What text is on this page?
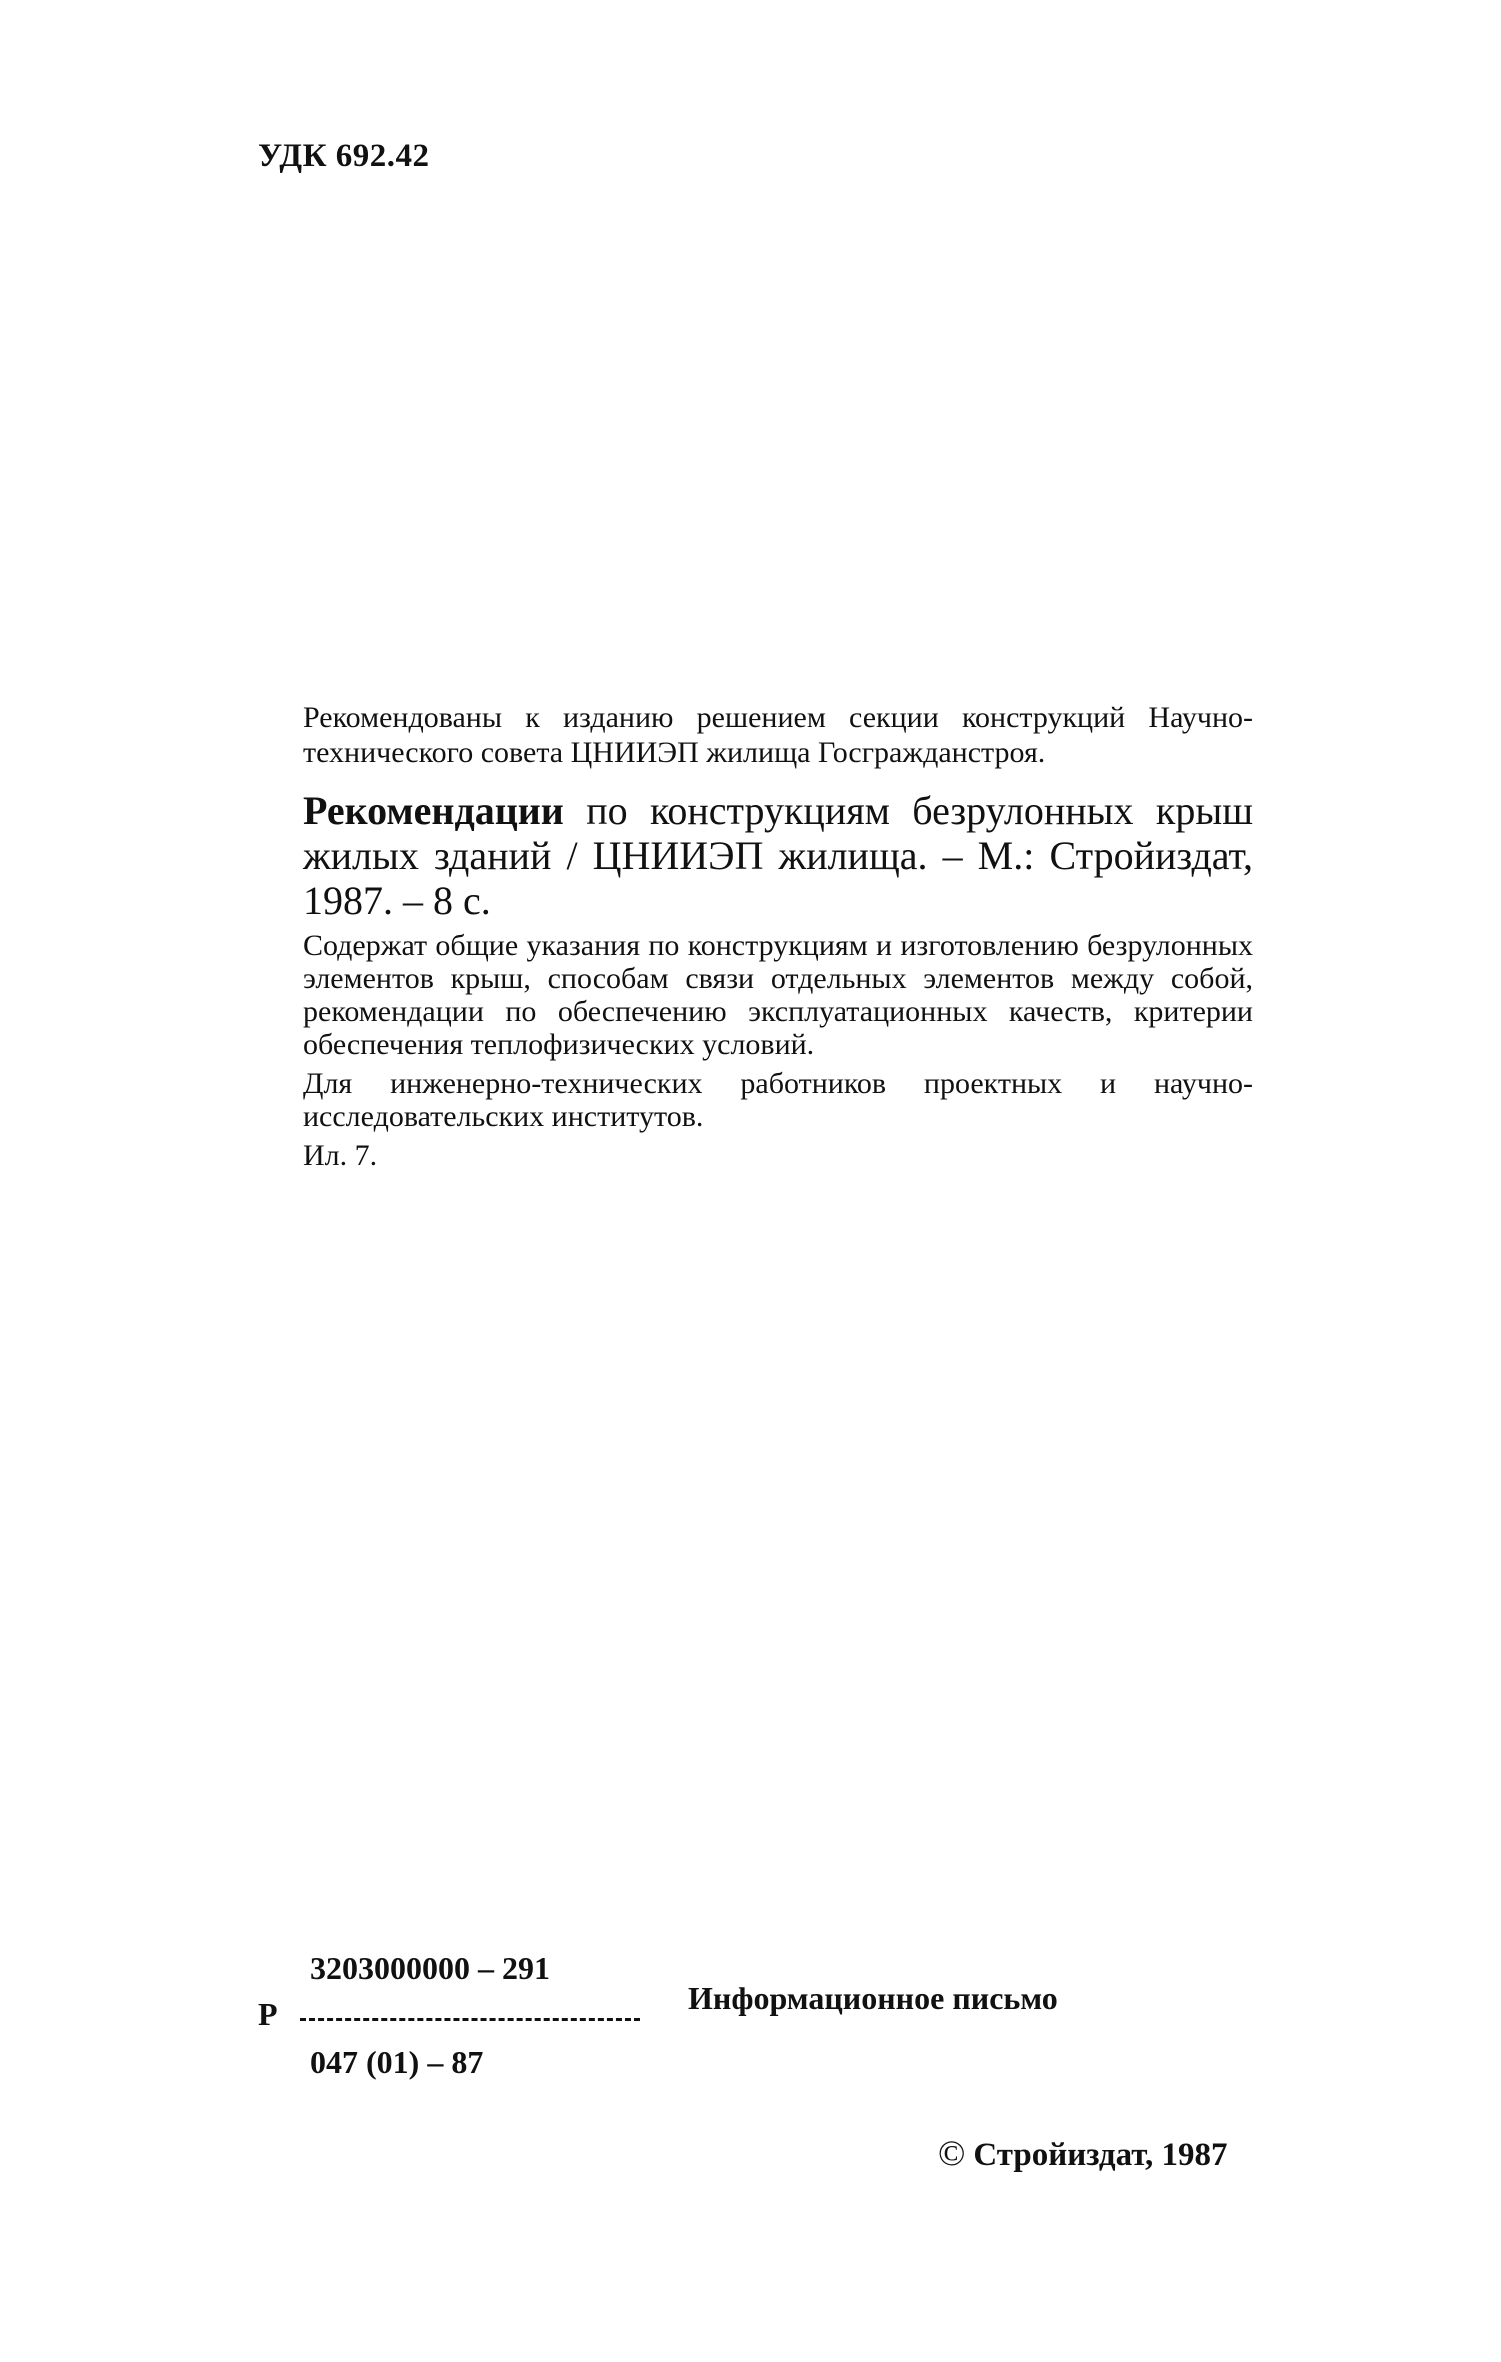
УДК 692.42

Рекомендованы к изданию решением секции конструкций Научно-технического совета ЦНИИЭП жилища Госгражданстроя.

Рекомендации по конструкциям безрулонных крыш жилых зданий / ЦНИИЭП жилища. – М.: Стройиздат, 1987. – 8 с.

Содержат общие указания по конструкциям и изготовлению безрулонных элементов крыш, способам связи отдельных элементов между собой, рекомендации по обеспечению эксплуатационных качеств, критерии обеспечения теплофизических условий.

Для инженерно-технических работников проектных и научно-исследовательских институтов.

Ил. 7.

3203000000 – 291
Р
047 (01) – 87
Информационное письмо
© Стройиздат, 1987
